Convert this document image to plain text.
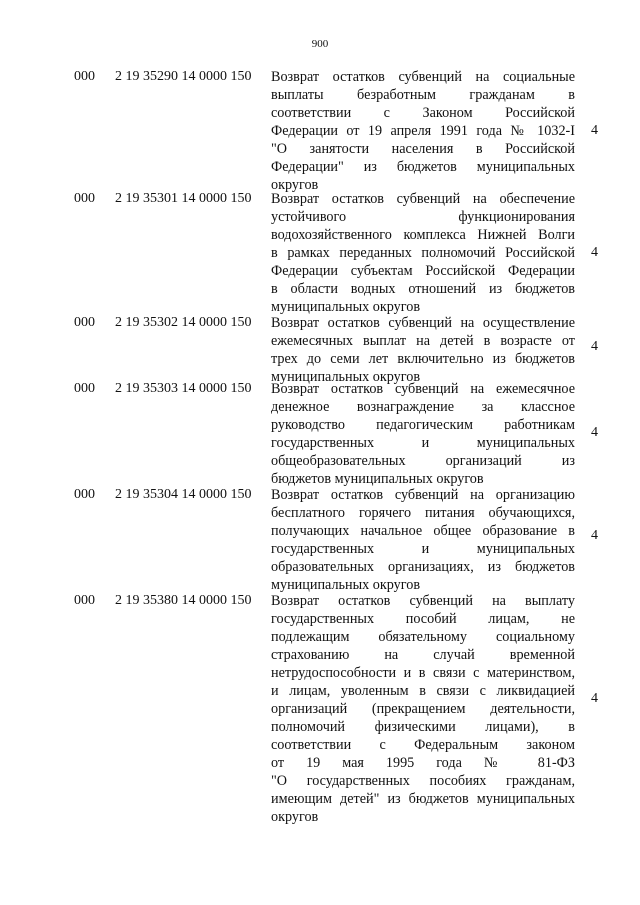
900
000 2 19 35290 14 0000 150 Возврат остатков субвенций на социальные
выплаты безработным гражданам в
соответствии с Законом Российской
Федерации от 19 апреля 1991 года № 1032-I
"О занятости населения в Российской
Федерации" из бюджетов муниципальных
округов
4
000 2 19 35301 14 0000 150 Возврат остатков субвенций на обеспечение
устойчивого функционирования
водохозяйственного комплекса Нижней Волги
в рамках переданных полномочий Российской
Федерации субъектам Российской Федерации
в области водных отношений из бюджетов
муниципальных округов
4
000 2 19 35302 14 0000 150 Возврат остатков субвенций на осуществление
ежемесячных выплат на детей в возрасте от
трех до семи лет включительно из бюджетов
муниципальных округов
4
000 2 19 35303 14 0000 150 Возврат остатков субвенций на ежемесячное
денежное вознаграждение за классное
руководство педагогическим работникам
государственных и муниципальных
общеобразовательных организаций из
бюджетов муниципальных округов
4
000 2 19 35304 14 0000 150 Возврат остатков субвенций на организацию
бесплатного горячего питания обучающихся,
получающих начальное общее образование в
государственных и муниципальных
образовательных организациях, из бюджетов
муниципальных округов
4
000 2 19 35380 14 0000 150 Возврат остатков субвенций на выплату
государственных пособий лицам, не
подлежащим обязательному социальному
страхованию на случай временной
нетрудоспособности и в связи с материнством,
и лицам, уволенным в связи с ликвидацией
организаций (прекращением деятельности,
полномочий физическими лицами), в
соответствии с Федеральным законом
от 19 мая 1995 года № 81-ФЗ
"О государственных пособиях гражданам,
имеющим детей" из бюджетов муниципальных
округов
4
